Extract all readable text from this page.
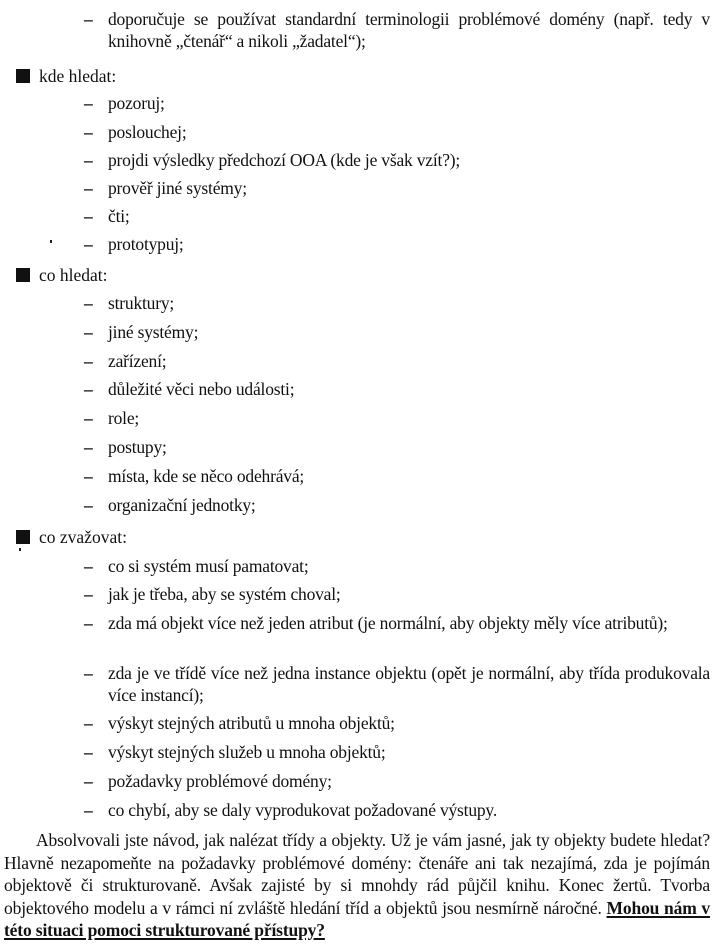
– doporučuje se používat standardní terminologii problémové domény (např. tedy v knihovně „čtenář“ a nikoli „žadatel“);
kde hledat:
– pozoruj;
– poslouchej;
– projdi výsledky předchozí OOA (kde je však vzít?);
– prověř jiné systémy;
– čti;
– prototypuj;
co hledat:
– struktury;
– jiné systémy;
– zařízení;
– důležité věci nebo události;
– role;
– postupy;
– místa, kde se něco odehrává;
– organizační jednotky;
co zvažovat:
– co si systém musí pamatovat;
– jak je třeba, aby se systém choval;
– zda má objekt více než jeden atribut (je normální, aby objekty měly více atributů);
– zda je ve třídě více než jedna instance objektu (opět je normální, aby třída produkovala více instancí);
– výskyt stejných atributů u mnoha objektů;
– výskyt stejných služeb u mnoha objektů;
– požadavky problémové domény;
– co chybí, aby se daly vyprodukovat požadované výstupy.
Absolvovali jste návod, jak nalézat třídy a objekty. Už je vám jasné, jak ty objekty budete hledat? Hlavně nezapomeňte na požadavky problémové domény: čtenáře ani tak nezajímá, zda je pojímán objektově či strukturovaně. Avšak zajisté by si mnohdy rád půjčil knihu. Konec žertů. Tvorba objektového modelu a v rámci ní zvláště hledání tříd a objektů jsou nesmírně náročné. Mohou nám v této situaci pomoci strukturované přístupy?
